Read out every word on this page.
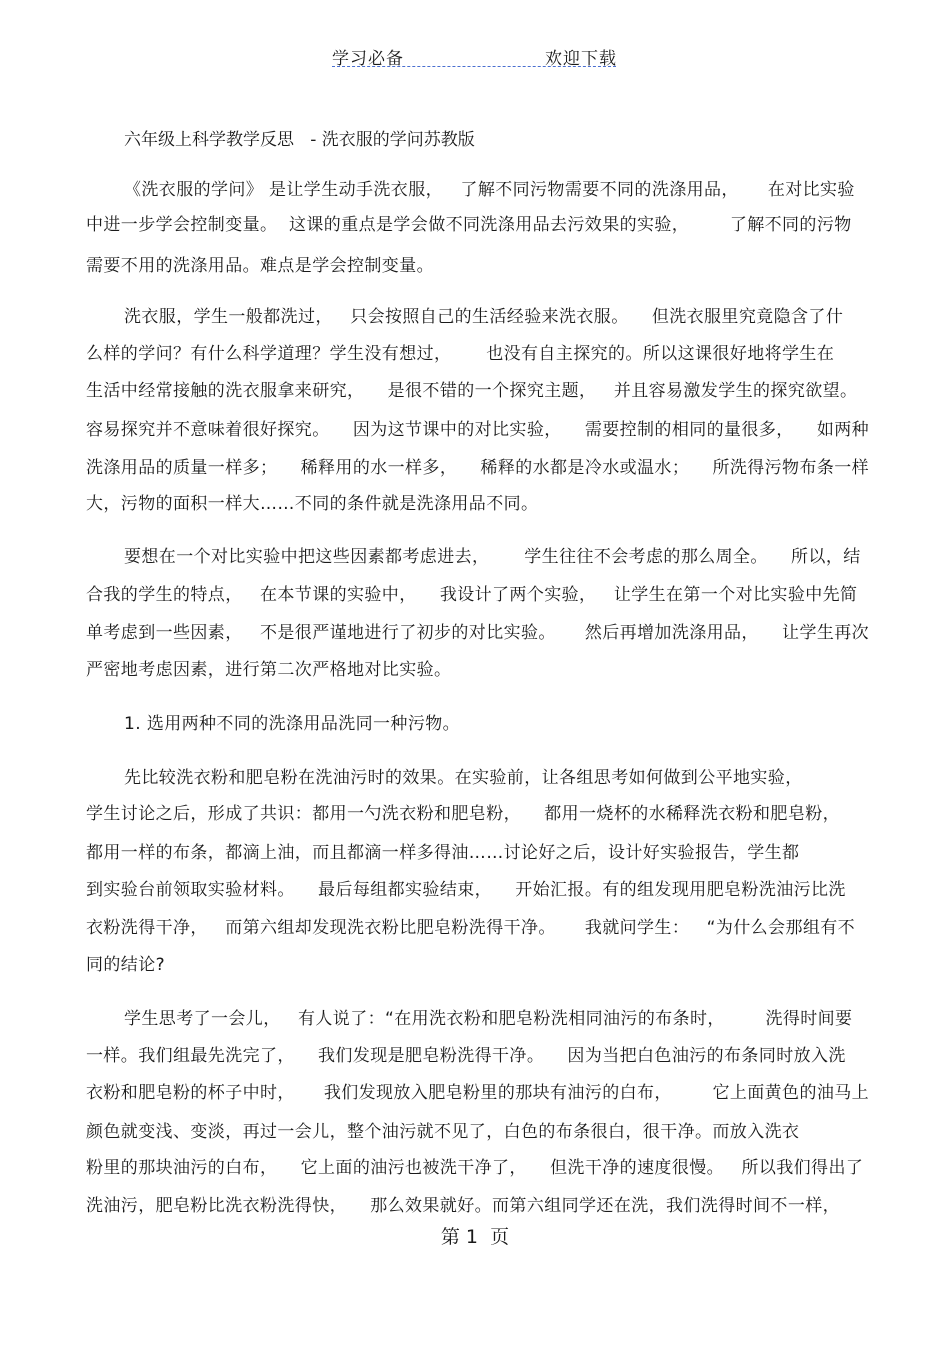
学习必备	欢迎下载
六年级上科学教学反思   - 洗衣服的学问苏教版
《洗衣服的学问》 是让学生动手洗衣服，   了解不同污物需要不同的洗涤用品，     在对比实验
中进一步学会控制变量。  这课的重点是学会做不同洗涤用品去污效果的实验，       了解不同的污物
需要不用的洗涤用品。难点是学会控制变量。
洗衣服，学生一般都洗过，   只会按照自己的生活经验来洗衣服。    但洗衣服里究竟隐含了什
么样的学问？有什么科学道理？学生没有想过，      也没有自主探究的。所以这课很好地将学生在
生活中经常接触的洗衣服拿来研究，    是很不错的一个探究主题，   并且容易激发学生的探究欲望。
容易探究并不意味着很好探究。    因为这节课中的对比实验，    需要控制的相同的量很多，    如两种
洗涤用品的质量一样多；    稀释用的水一样多，    稀释的水都是冷水或温水；    所洗得污物布条一样
大，污物的面积一样大……不同的条件就是洗涤用品不同。
要想在一个对比实验中把这些因素都考虑进去，      学生往往不会考虑的那么周全。    所以，结
合我的学生的特点，   在本节课的实验中，    我设计了两个实验，   让学生在第一个对比实验中先简
单考虑到一些因素，   不是很严谨地进行了初步的对比实验。     然后再增加洗涤用品，    让学生再次
严密地考虑因素，进行第二次严格地对比实验。
1. 选用两种不同的洗涤用品洗同一种污物。
先比较洗衣粉和肥皂粉在洗油污时的效果。在实验前，让各组思考如何做到公平地实验，
学生讨论之后，形成了共识：都用一勺洗衣粉和肥皂粉，    都用一烧杯的水稀释洗衣粉和肥皂粉，
都用一样的布条，都滴上油，而且都滴一样多得油……讨论好之后，设计好实验报告，学生都
到实验台前领取实验材料。    最后每组都实验结束，    开始汇报。有的组发现用肥皂粉洗油污比洗
衣粉洗得干净，   而第六组却发现洗衣粉比肥皂粉洗得干净。     我就问学生：   “为什么会那组有不
同的结论?
学生思考了一会儿，   有人说了：“在用洗衣粉和肥皂粉洗相同油污的布条时，       洗得时间要
一样。我们组最先洗完了，    我们发现是肥皂粉洗得干净。    因为当把白色油污的布条同时放入洗
衣粉和肥皂粉的杯子中时，     我们发现放入肥皂粉里的那块有油污的白布，       它上面黄色的油马上
颜色就变浅、变淡，再过一会儿，整个油污就不见了，白色的布条很白，很干净。而放入洗衣
粉里的那块油污的白布，    它上面的油污也被洗干净了，    但洗干净的速度很慢。   所以我们得出了
洗油污，肥皂粉比洗衣粉洗得快，    那么效果就好。而第六组同学还在洗，我们洗得时间不一样，
第 1 页
